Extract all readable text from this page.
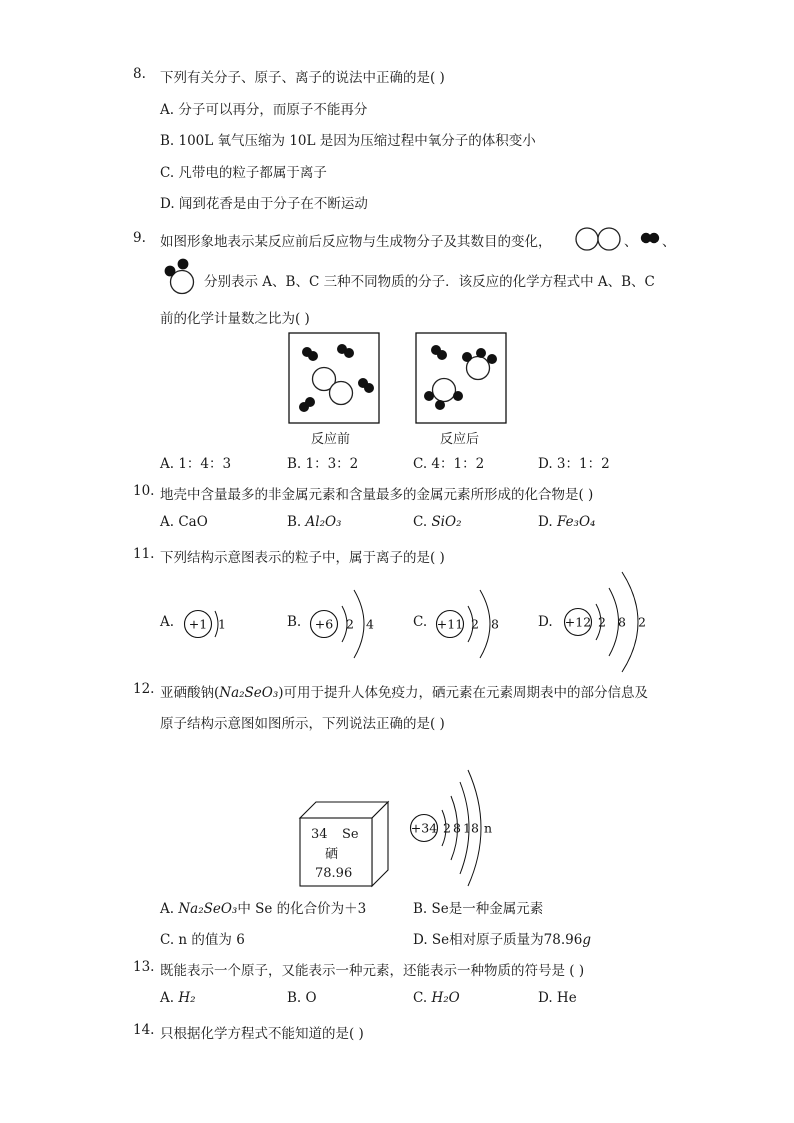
8. 下列有关分子、原子、离子的说法中正确的是( )
A. 分子可以再分，而原子不能再分
B. 100L 氧气压缩为 10L 是因为压缩过程中氧分子的体积变小
C. 凡带电的粒子都属于离子
D. 闻到花香是由于分子在不断运动
9. 如图形象地表示某反应前后反应物与生成物分子及其数目的变化，	、 、
分别表示 A、B、C 三种不同物质的分子．该反应的化学方程式中 A、B、C
前的化学计量数之比为( )
反应前	反应后
A. 1：4：3	B. 1：3：2	C. 4：1：2	D. 3：1：2
10. 地壳中含量最多的非金属元素和含量最多的金属元素所形成的化合物是( )
A. CaO	B. Al₂O₃	C. SiO₂	D. Fe₃O₄
11. 下列结构示意图表示的粒子中，属于离子的是( )
A. +1 1	B. +6 2 4	C. +11 2 8	D. +12 2 8 2
12. 亚硒酸钠(Na₂SeO₃)可用于提升人体免疫力，硒元素在元素周期表中的部分信息及
原子结构示意图如图所示，下列说法正确的是( )
34 Se
硒
78.96
+34 2 8 18 n
A. Na₂SeO₃中 Se 的化合价为＋3	B. Se是一种金属元素
C. n 的值为 6	D. Se相对原子质量为78.96g
13. 既能表示一个原子，又能表示一种元素，还能表示一种物质的符号是 ( )
A. H₂	B. O	C. H₂O	D. He
14. 只根据化学方程式不能知道的是( )
